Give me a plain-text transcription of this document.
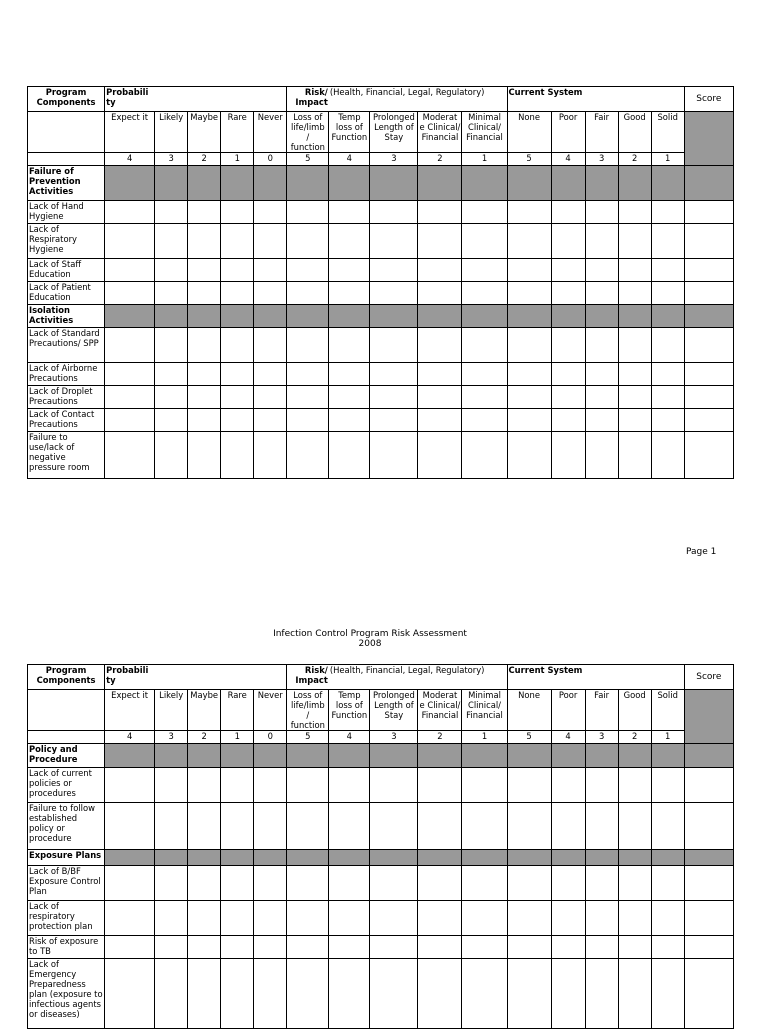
Program Components	Probabili ty					Risk/ Impact	(Health, Financial, Legal, Regulatory)				Current System					Score
	Expect it	Likely	Maybe	Rare	Never	Loss of life/limb / function	Temp loss of Function	Prolonged Length of Stay	Moderat e Clinical/ Financial	Minimal Clinical/ Financial	None	Poor	Fair	Good	Solid	
	4	3	2	1	0	5	4	3	2	1	5	4	3	2	1	
Failure of Prevention Activities																
Lack of Hand Hygiene																
Lack of Respiratory Hygiene																
Lack of Staff Education																
Lack of Patient Education																
Isolation Activities																
Lack of Standard Precautions/ SPP																
Lack of Airborne Precautions																
Lack of Droplet Precautions																
Lack of Contact Precautions																
Failure to use/lack of negative pressure room																
Page 1
Infection Control Program Risk Assessment
2008
Program Components	Probabili ty					Risk/ Impact	(Health, Financial, Legal, Regulatory)				Current System					Score
	Expect it	Likely	Maybe	Rare	Never	Loss of life/limb / function	Temp loss of Function	Prolonged Length of Stay	Moderat e Clinical/ Financial	Minimal Clinical/ Financial	None	Poor	Fair	Good	Solid	
	4	3	2	1	0	5	4	3	2	1	5	4	3	2	1	
Policy and Procedure																
Lack of current policies or procedures																
Failure to follow established policy or procedure																
Exposure Plans																
Lack of B/BF Exposure Control Plan																
Lack of respiratory protection plan																
Risk of exposure to TB																
Lack of Emergency Preparedness plan (exposure to infectious agents or diseases)																
